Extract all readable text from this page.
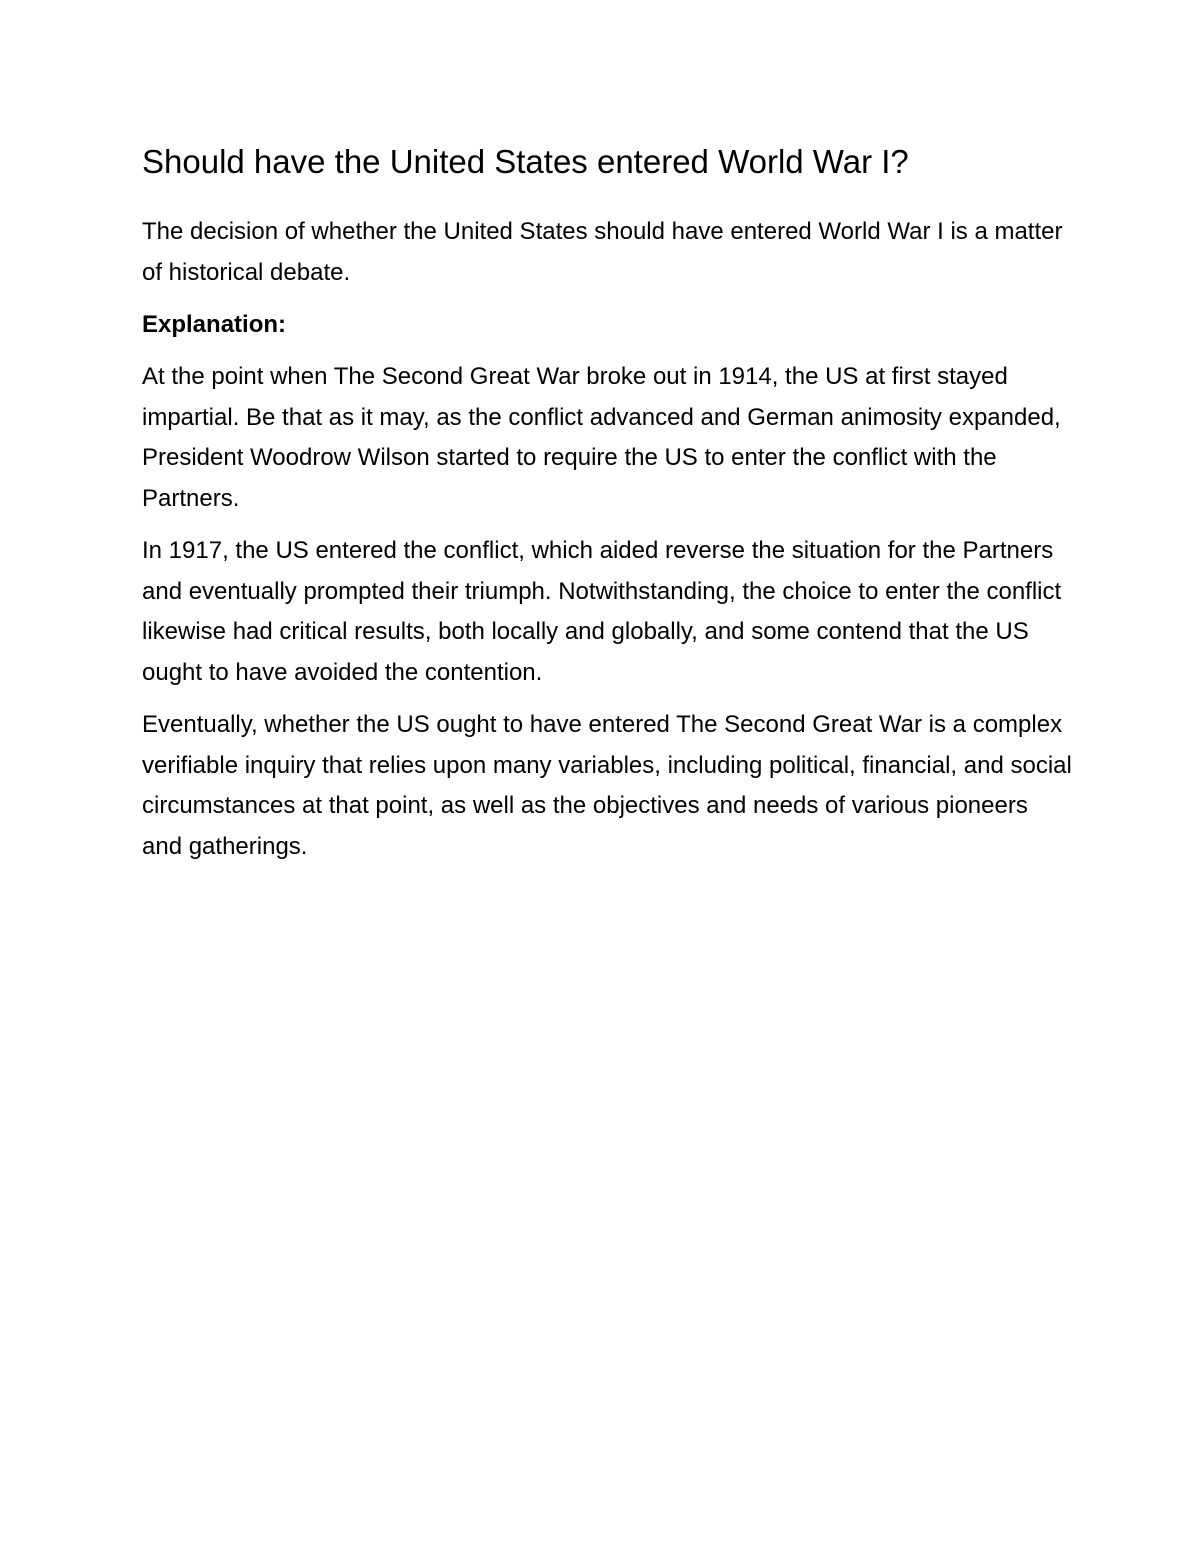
Should have the United States entered World War I?

The decision of whether the United States should have entered World War I is a matter of historical debate.

Explanation:

At the point when The Second Great War broke out in 1914, the US at first stayed impartial. Be that as it may, as the conflict advanced and German animosity expanded, President Woodrow Wilson started to require the US to enter the conflict with the Partners.

In 1917, the US entered the conflict, which aided reverse the situation for the Partners and eventually prompted their triumph. Notwithstanding, the choice to enter the conflict likewise had critical results, both locally and globally, and some contend that the US ought to have avoided the contention.

Eventually, whether the US ought to have entered The Second Great War is a complex verifiable inquiry that relies upon many variables, including political, financial, and social circumstances at that point, as well as the objectives and needs of various pioneers and gatherings.
